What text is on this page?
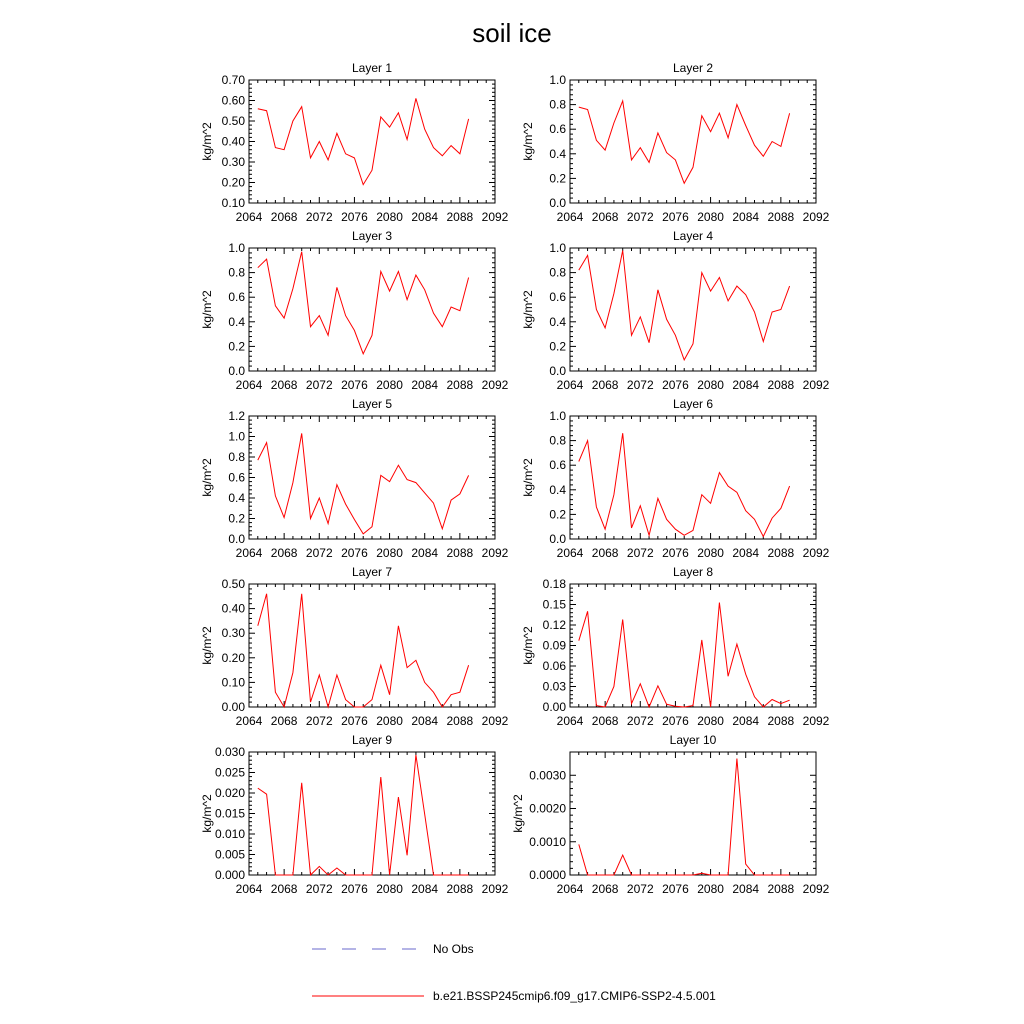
soil ice
Layer 1
2064 2068 2072 2076 2080 2084 2088 2092
0.10
0.20
0.30
0.40
0.50
0.60
0.70
kg/m^2
Layer 2
2064 2068 2072 2076 2080 2084 2088 2092
0.0
0.2
0.4
0.6
0.8
1.0
kg/m^2
Layer 3
2064 2068 2072 2076 2080 2084 2088 2092
0.0
0.2
0.4
0.6
0.8
1.0
kg/m^2
Layer 4
2064 2068 2072 2076 2080 2084 2088 2092
0.0
0.2
0.4
0.6
0.8
1.0
kg/m^2
Layer 5
2064 2068 2072 2076 2080 2084 2088 2092
0.0
0.2
0.4
0.6
0.8
1.0
1.2
kg/m^2
Layer 6
2064 2068 2072 2076 2080 2084 2088 2092
0.0
0.2
0.4
0.6
0.8
1.0
kg/m^2
Layer 7
2064 2068 2072 2076 2080 2084 2088 2092
0.00
0.10
0.20
0.30
0.40
0.50
kg/m^2
Layer 8
2064 2068 2072 2076 2080 2084 2088 2092
0.00
0.03
0.06
0.09
0.12
0.15
0.18
kg/m^2
Layer 9
2064 2068 2072 2076 2080 2084 2088 2092
0.000
0.005
0.010
0.015
0.020
0.025
0.030
kg/m^2
Layer 10
2064 2068 2072 2076 2080 2084 2088 2092
0.0000
0.0010
0.0020
0.0030
kg/m^2
No Obs
b.e21.BSSP245cmip6.f09_g17.CMIP6-SSP2-4.5.001
